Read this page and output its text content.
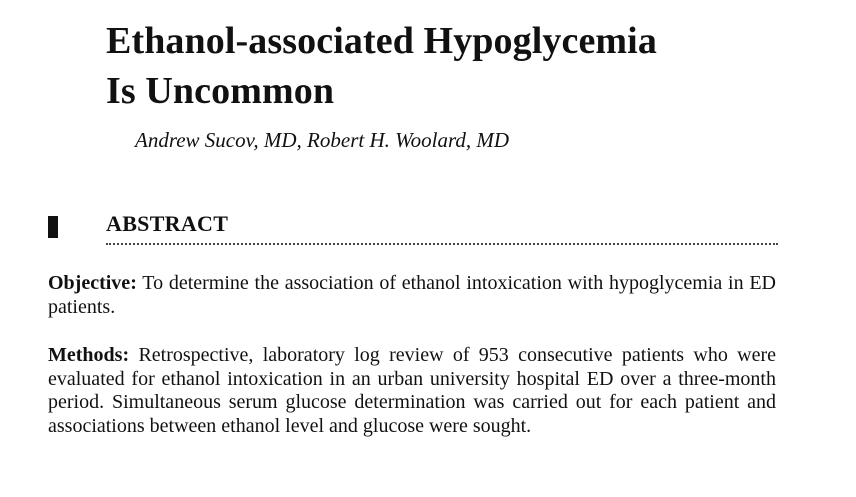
Ethanol-associated Hypoglycemia
Is Uncommon
Andrew Sucov, MD, Robert H. Woolard, MD
ABSTRACT

Objective: To determine the association of ethanol intoxication with hypoglycemia in ED patients.

Methods: Retrospective, laboratory log review of 953 consecutive patients who were evaluated for ethanol intoxication in an urban university hospital ED over a three-month period. Simultaneous serum glucose determination was carried out for each patient and associations between ethanol level and glucose were sought.
